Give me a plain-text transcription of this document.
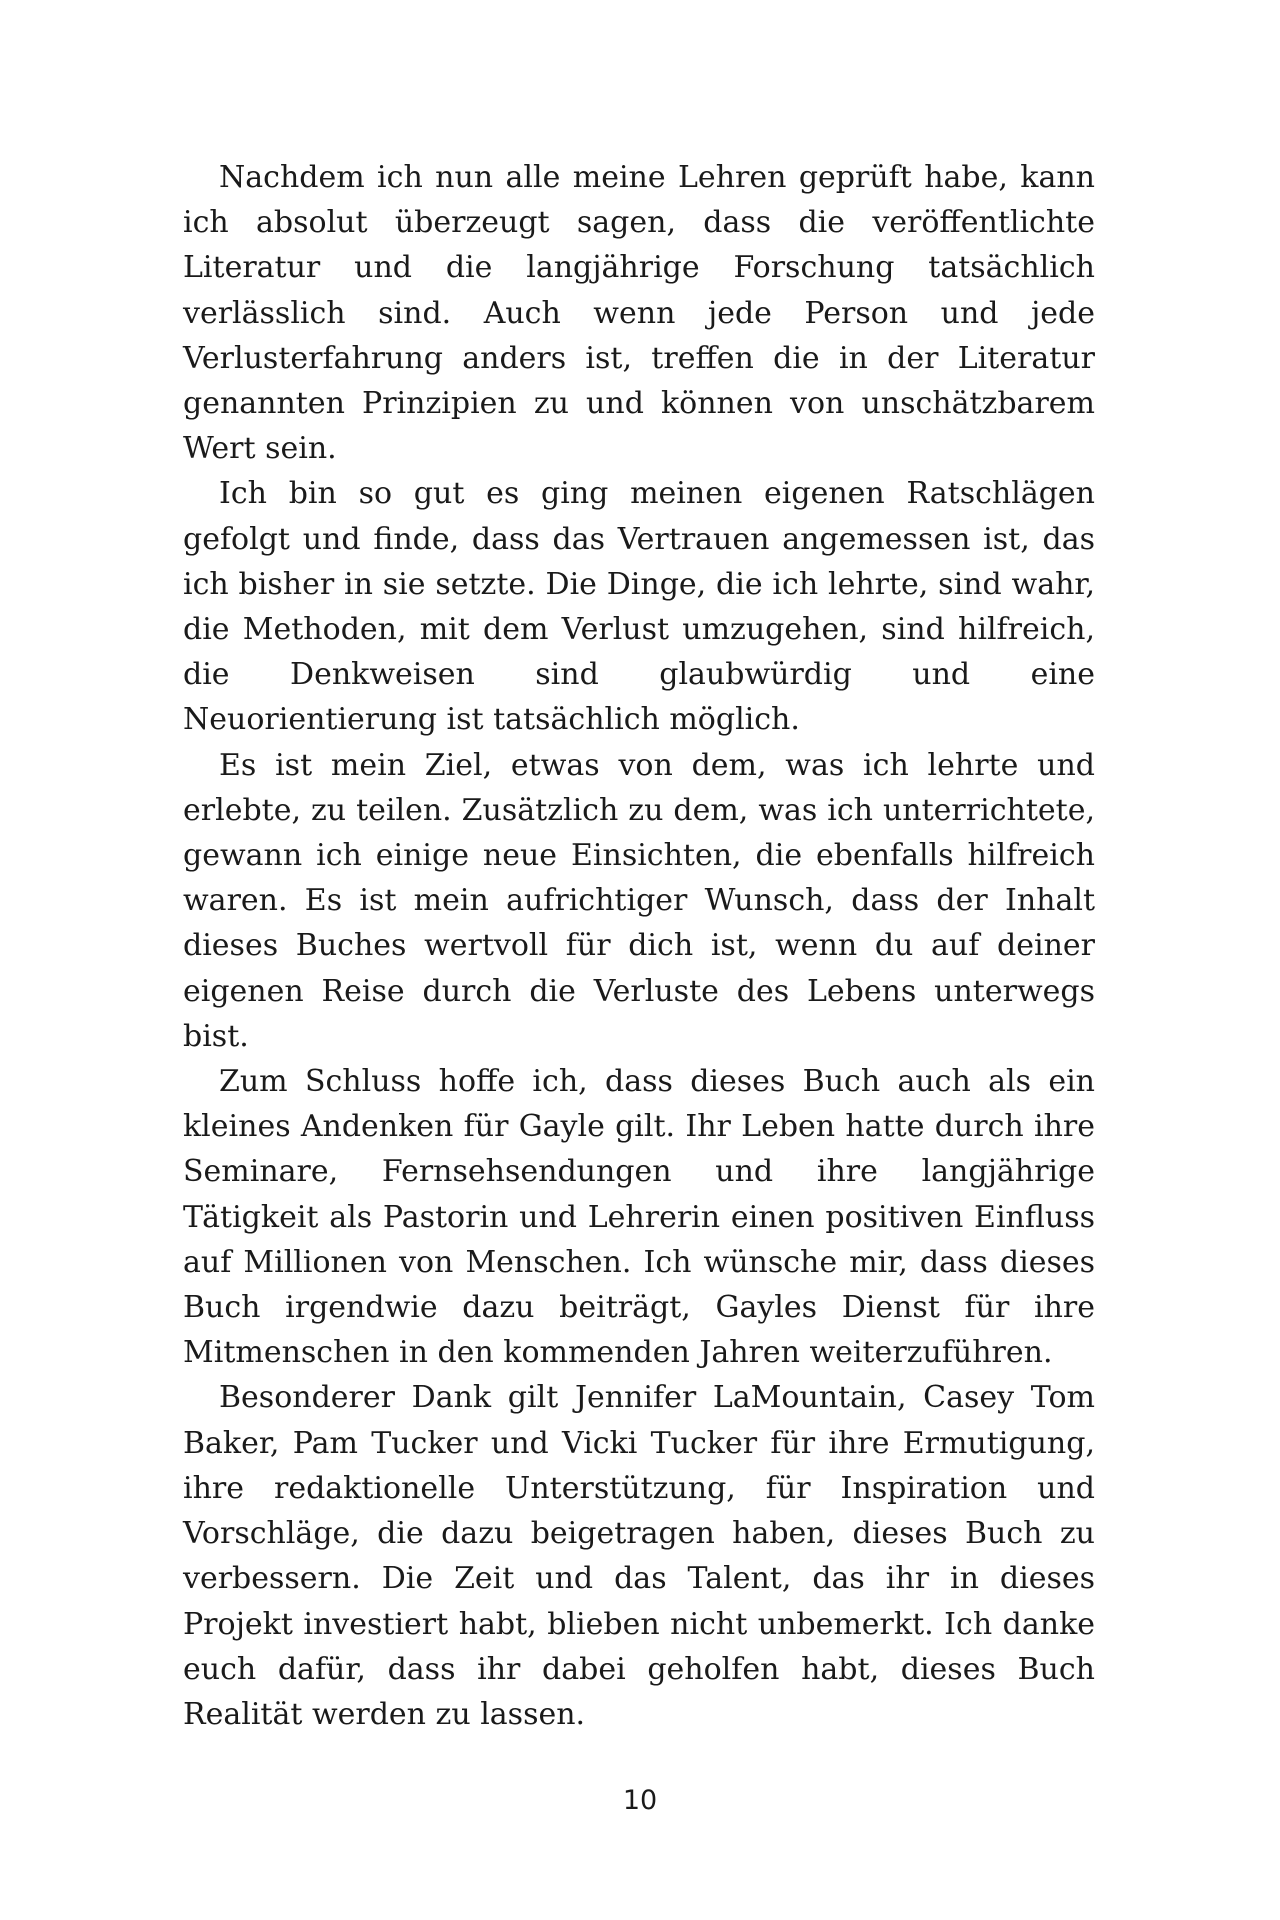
Nachdem ich nun alle meine Lehren geprüft habe, kann ich absolut überzeugt sagen, dass die veröffentlichte Literatur und die langjährige Forschung tatsächlich verlässlich sind. Auch wenn jede Person und jede Verlusterfahrung anders ist, treffen die in der Literatur genannten Prinzipien zu und können von unschätzbarem Wert sein.

Ich bin so gut es ging meinen eigenen Ratschlägen gefolgt und finde, dass das Vertrauen angemessen ist, das ich bisher in sie setzte. Die Dinge, die ich lehrte, sind wahr, die Methoden, mit dem Verlust umzugehen, sind hilfreich, die Denkweisen sind glaubwürdig und eine Neuorientierung ist tatsächlich möglich.

Es ist mein Ziel, etwas von dem, was ich lehrte und erlebte, zu teilen. Zusätzlich zu dem, was ich unterrichtete, gewann ich einige neue Einsichten, die ebenfalls hilfreich waren. Es ist mein aufrichtiger Wunsch, dass der Inhalt dieses Buches wertvoll für dich ist, wenn du auf deiner eigenen Reise durch die Verluste des Lebens unterwegs bist.

Zum Schluss hoffe ich, dass dieses Buch auch als ein kleines Andenken für Gayle gilt. Ihr Leben hatte durch ihre Seminare, Fernsehsendungen und ihre langjährige Tätigkeit als Pastorin und Lehrerin einen positiven Einfluss auf Millionen von Menschen. Ich wünsche mir, dass dieses Buch irgendwie dazu beiträgt, Gayles Dienst für ihre Mitmenschen in den kommenden Jahren weiterzuführen.

Besonderer Dank gilt Jennifer LaMountain, Casey Tom Baker, Pam Tucker und Vicki Tucker für ihre Ermutigung, ihre redaktionelle Unterstützung, für Inspiration und Vorschläge, die dazu beigetragen haben, dieses Buch zu verbessern. Die Zeit und das Talent, das ihr in dieses Projekt investiert habt, blieben nicht unbemerkt. Ich danke euch dafür, dass ihr dabei geholfen habt, dieses Buch Realität werden zu lassen.

10
